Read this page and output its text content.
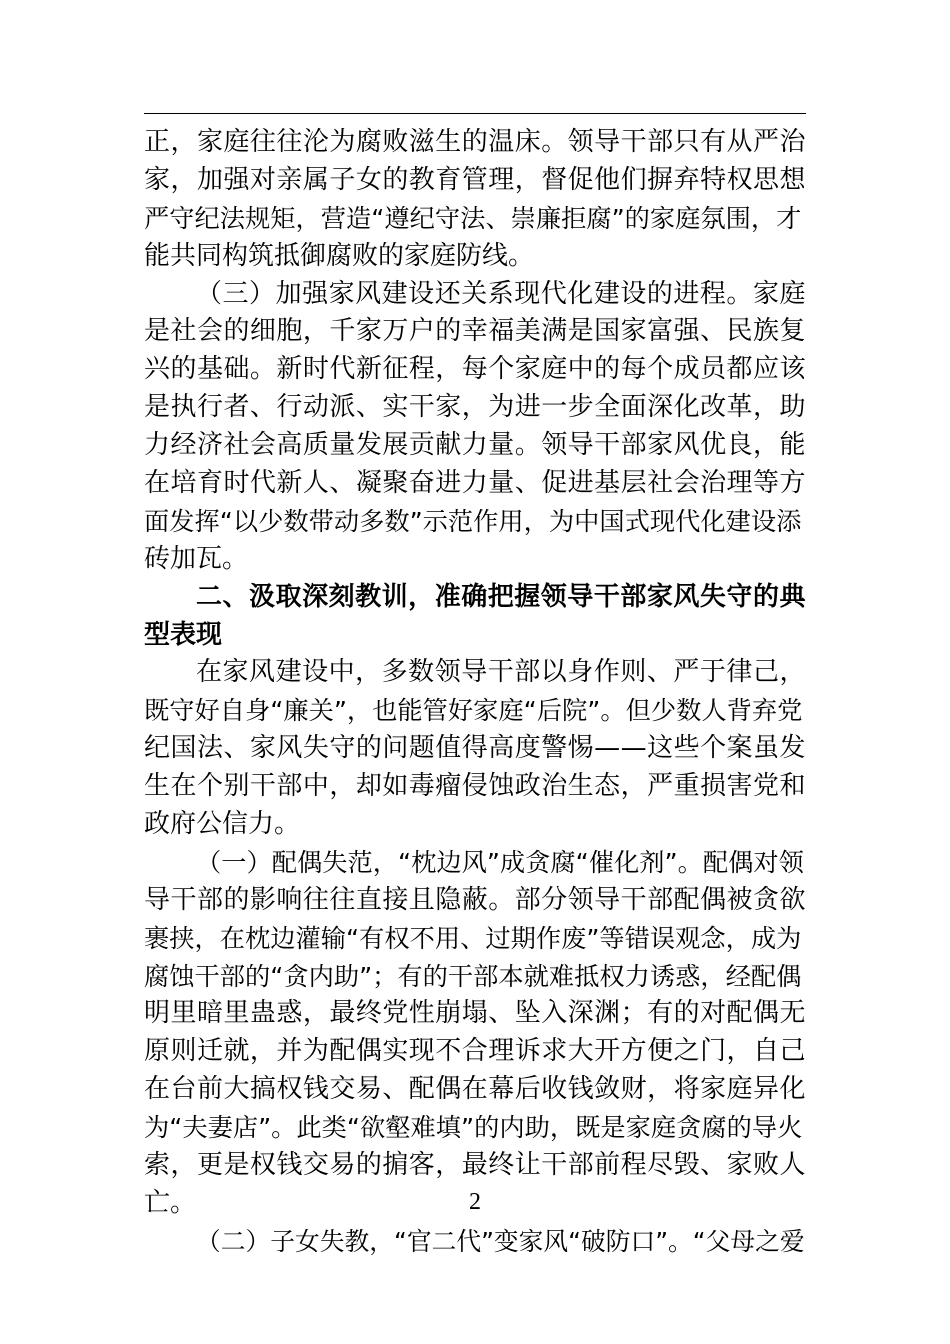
正，家庭往往沦为腐败滋生的温床。领导干部只有从严治
家，加强对亲属子女的教育管理，督促他们摒弃特权思想
严守纪法规矩，营造“遵纪守法、崇廉拒腐”的家庭氛围，才
能共同构筑抵御腐败的家庭防线。
（三）加强家风建设还关系现代化建设的进程。家庭
是社会的细胞，千家万户的幸福美满是国家富强、民族复
兴的基础。新时代新征程，每个家庭中的每个成员都应该
是执行者、行动派、实干家，为进一步全面深化改革，助
力经济社会高质量发展贡献力量。领导干部家风优良，能
在培育时代新人、凝聚奋进力量、促进基层社会治理等方
面发挥“以少数带动多数”示范作用，为中国式现代化建设添
砖加瓦。
二、汲取深刻教训，准确把握领导干部家风失守的典
型表现
在家风建设中，多数领导干部以身作则、严于律己，
既守好自身“廉关”，也能管好家庭“后院”。但少数人背弃党
纪国法、家风失守的问题值得高度警惕——这些个案虽发
生在个别干部中，却如毒瘤侵蚀政治生态，严重损害党和
政府公信力。
（一）配偶失范，“枕边风”成贪腐“催化剂”。配偶对领
导干部的影响往往直接且隐蔽。部分领导干部配偶被贪欲
裹挟，在枕边灌输“有权不用、过期作废”等错误观念，成为
腐蚀干部的“贪内助”；有的干部本就难抵权力诱惑，经配偶
明里暗里蛊惑，最终党性崩塌、坠入深渊；有的对配偶无
原则迁就，并为配偶实现不合理诉求大开方便之门，自己
在台前大搞权钱交易、配偶在幕后收钱敛财，将家庭异化
为“夫妻店”。此类“欲壑难填”的内助，既是家庭贪腐的导火
索，更是权钱交易的掮客，最终让干部前程尽毁、家败人
亡。
（二）子女失教，“官二代”变家风“破防口”。“父母之爱
2
